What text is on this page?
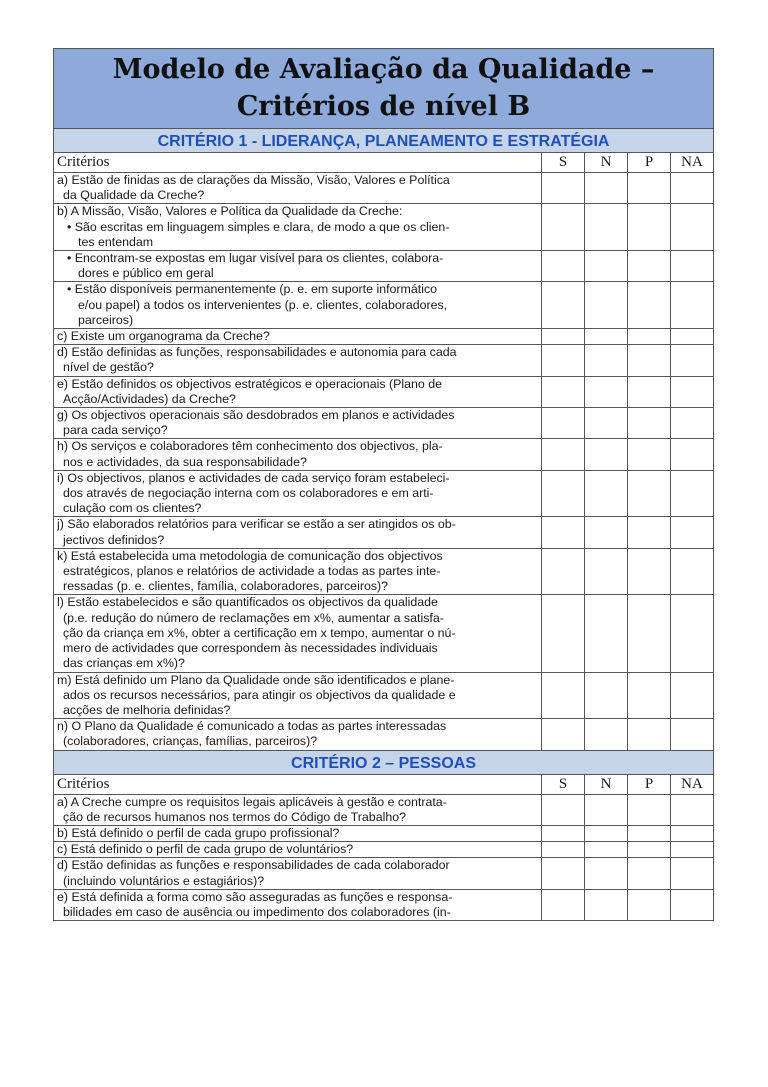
Modelo de Avaliação da Qualidade –
Critérios de nível B				

CRITÉRIO 1 - LIDERANÇA, PLANEAMENTO E ESTRATÉGIA				
Critérios	S	N	P	NA

a) Estão de finidas as de clarações da Missão, Visão, Valores e Política
da Qualidade da Creche?				

b) A Missão, Visão, Valores e Política da Qualidade da Creche:
• São escritas em linguagem simples e clara, de modo a que os clien-
tes entendam				

• Encontram-se expostas em lugar visível para os clientes, colabora-
dores e público em geral				

• Estão disponíveis permanentemente (p. e. em suporte informático
e/ou papel) a todos os intervenientes (p. e. clientes, colaboradores,
parceiros)				

c) Existe um organograma da Creche?				

d) Estão definidas as funções, responsabilidades e autonomia para cada
nível de gestão?				

e) Estão definidos os objectivos estratégicos e operacionais (Plano de
Acção/Actividades) da Creche?				

g) Os objectivos operacionais são desdobrados em planos e actividades
para cada serviço?				

h) Os serviços e colaboradores têm conhecimento dos objectivos, pla-
nos e actividades, da sua responsabilidade?				

i) Os objectivos, planos e actividades de cada serviço foram estabeleci-
dos através de negociação interna com os colaboradores e em arti-
culação com os clientes?				

j) São elaborados relatórios para verificar se estão a ser atingidos os ob-
jectivos definidos?				

k) Está estabelecida uma metodologia de comunicação dos objectivos
estratégicos, planos e relatórios de actividade a todas as partes inte-
ressadas (p. e. clientes, família, colaboradores, parceiros)?				

l) Estão estabelecidos e são quantificados os objectivos da qualidade
(p.e. redução do número de reclamações em x%, aumentar a satisfa-
ção da criança em x%, obter a certificação em x tempo, aumentar o nú-
mero de actividades que correspondem às necessidades individuais
das crianças em x%)?				

m) Está definido um Plano da Qualidade onde são identificados e plane-
ados os recursos necessários, para atingir os objectivos da qualidade e
acções de melhoria definidas?				

n) O Plano da Qualidade é comunicado a todas as partes interessadas
(colaboradores, crianças, famílias, parceiros)?				

CRITÉRIO 2 – PESSOAS				
Critérios	S	N	P	NA

a) A Creche cumpre os requisitos legais aplicáveis à gestão e contrata-
ção de recursos humanos nos termos do Código de Trabalho?				

b) Está definido o perfil de cada grupo profissional?				

c) Está definido o perfil de cada grupo de voluntários?				

d) Estão definidas as funções e responsabilidades de cada colaborador
(incluindo voluntários e estagiários)?				

e) Está definida a forma como são asseguradas as funções e responsa-
bilidades em caso de ausência ou impedimento dos colaboradores (in-				
